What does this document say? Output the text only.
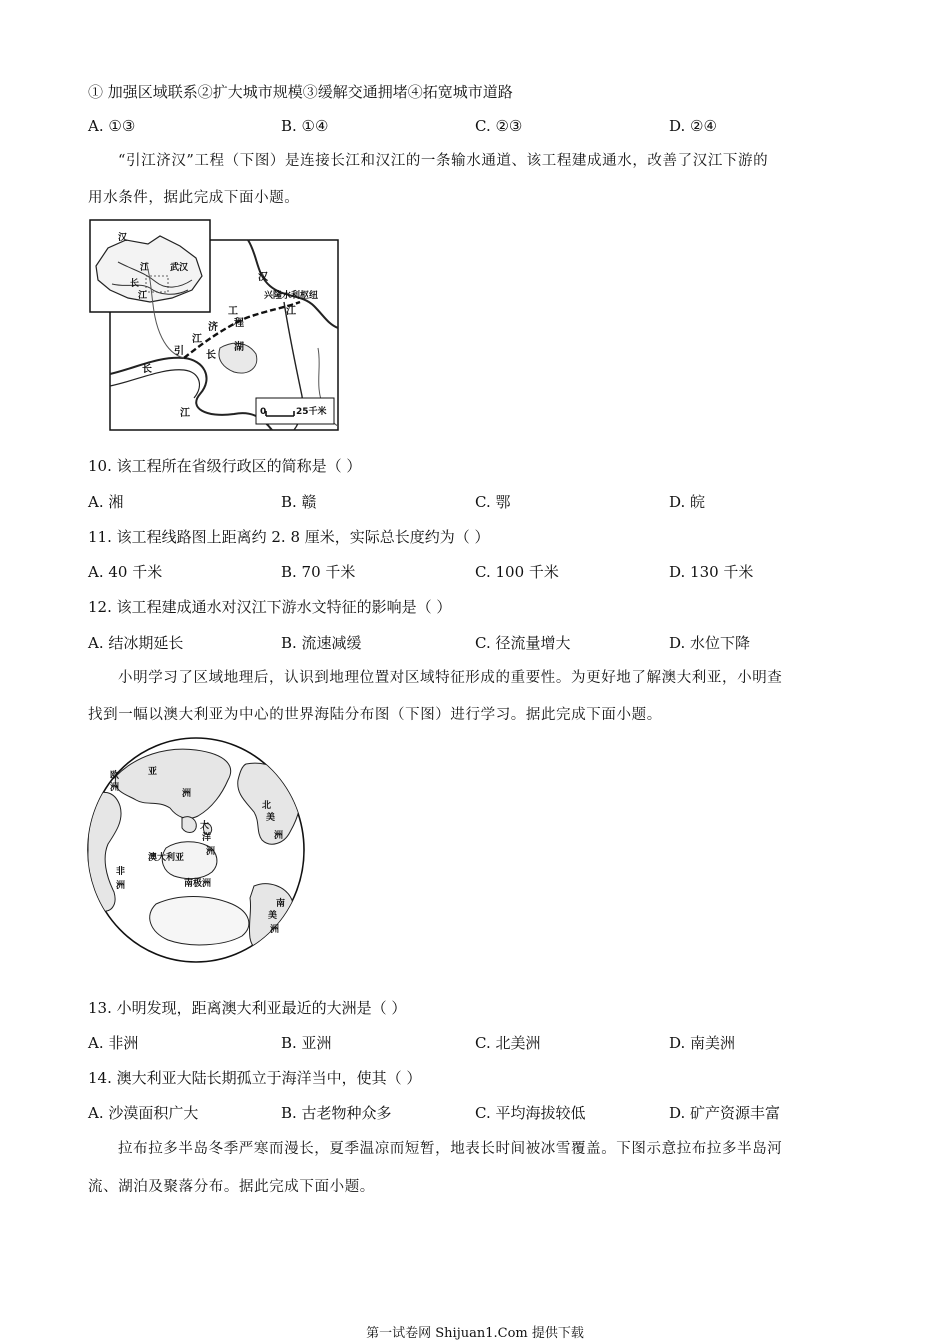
① 加强区域联系②扩大城市规模③缓解交通拥堵④拓宽城市道路
A. ①③	B. ①④	C. ②③	D. ②④
“引江济汉”工程（下图）是连接长江和汉江的一条输水通道、该工程建成通水，改善了汉江下游的
用水条件，据此完成下面小题。
汉
江 武汉
长
江
汉
兴隆水利枢纽
江
工
程
济
江
引 长
湖
长
江	0	25千米
10. 该工程所在省级行政区的简称是（ ）
A. 湘	B. 赣	C. 鄂	D. 皖
11. 该工程线路图上距离约 2. 8 厘米，实际总长度约为（ ）
A. 40 千米	B. 70 千米	C. 100 千米	D. 130 千米
12. 该工程建成通水对汉江下游水文特征的影响是（ ）
A. 结冰期延长	B. 流速减缓	C. 径流量增大	D. 水位下降
小明学习了区域地理后，认识到地理位置对区域特征形成的重要性。为更好地了解澳大利亚，小明查
找到一幅以澳大利亚为中心的世界海陆分布图（下图）进行学习。据此完成下面小题。
欧
洲
亚
洲
北
美
洲
大
洋
洲
澳大利亚
非
洲	南极洲
南
美
洲
13. 小明发现，距离澳大利亚最近的大洲是（ ）
A. 非洲	B. 亚洲	C. 北美洲	D. 南美洲
14. 澳大利亚大陆长期孤立于海洋当中，使其（ ）
A. 沙漠面积广大	B. 古老物种众多	C. 平均海拔较低	D. 矿产资源丰富
拉布拉多半岛冬季严寒而漫长，夏季温凉而短暂，地表长时间被冰雪覆盖。下图示意拉布拉多半岛河
流、湖泊及聚落分布。据此完成下面小题。
第一试卷网 Shijuan1.Com 提供下载
